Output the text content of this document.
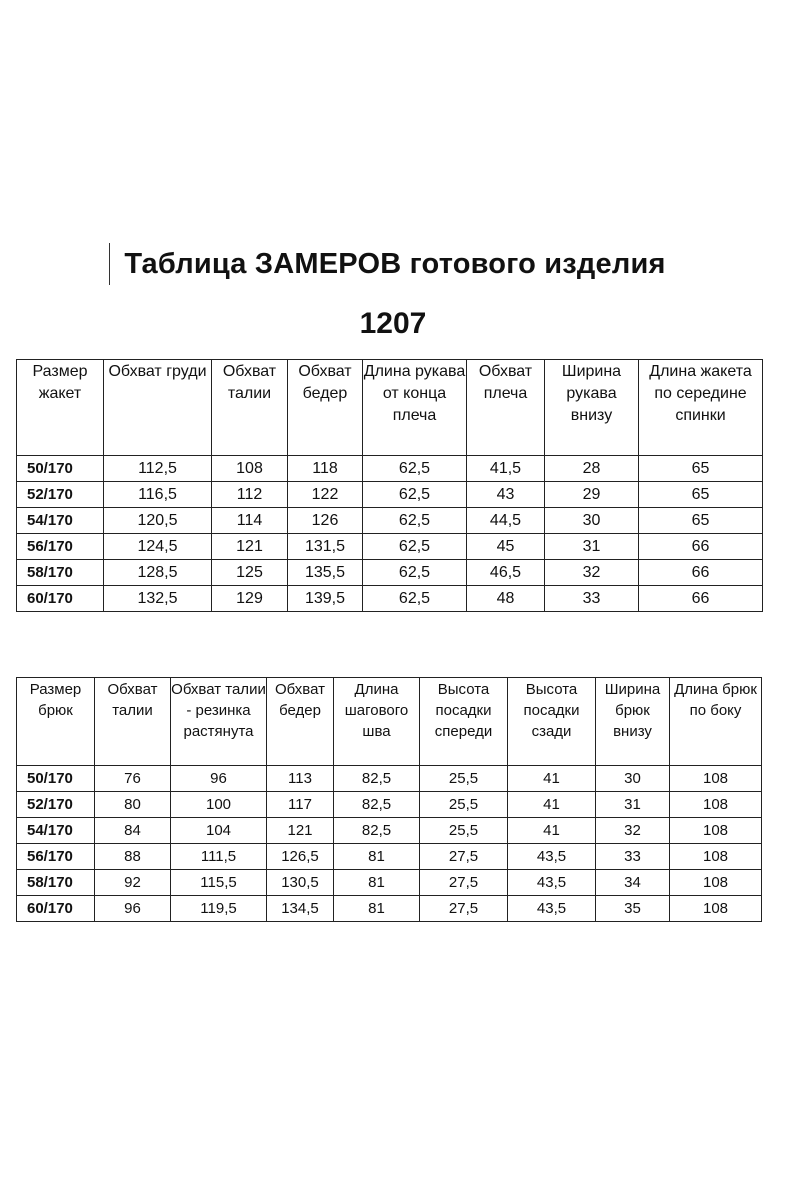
Таблица ЗАМЕРОВ готового изделия
1207
Размер жакет	Обхват груди	Обхват талии	Обхват бедер	Длина рукава от конца плеча	Обхват плеча	Ширина рукава внизу	Длина жакета по середине спинки
50/170	112,5	108	118	62,5	41,5	28	65
52/170	116,5	112	122	62,5	43	29	65
54/170	120,5	114	126	62,5	44,5	30	65
56/170	124,5	121	131,5	62,5	45	31	66
58/170	128,5	125	135,5	62,5	46,5	32	66
60/170	132,5	129	139,5	62,5	48	33	66
Размер брюк	Обхват талии	Обхват талии - резинка растянута	Обхват бедер	Длина шагового шва	Высота посадки спереди	Высота посадки сзади	Ширина брюк внизу	Длина брюк по боку
50/170	76	96	113	82,5	25,5	41	30	108
52/170	80	100	117	82,5	25,5	41	31	108
54/170	84	104	121	82,5	25,5	41	32	108
56/170	88	111,5	126,5	81	27,5	43,5	33	108
58/170	92	115,5	130,5	81	27,5	43,5	34	108
60/170	96	119,5	134,5	81	27,5	43,5	35	108
